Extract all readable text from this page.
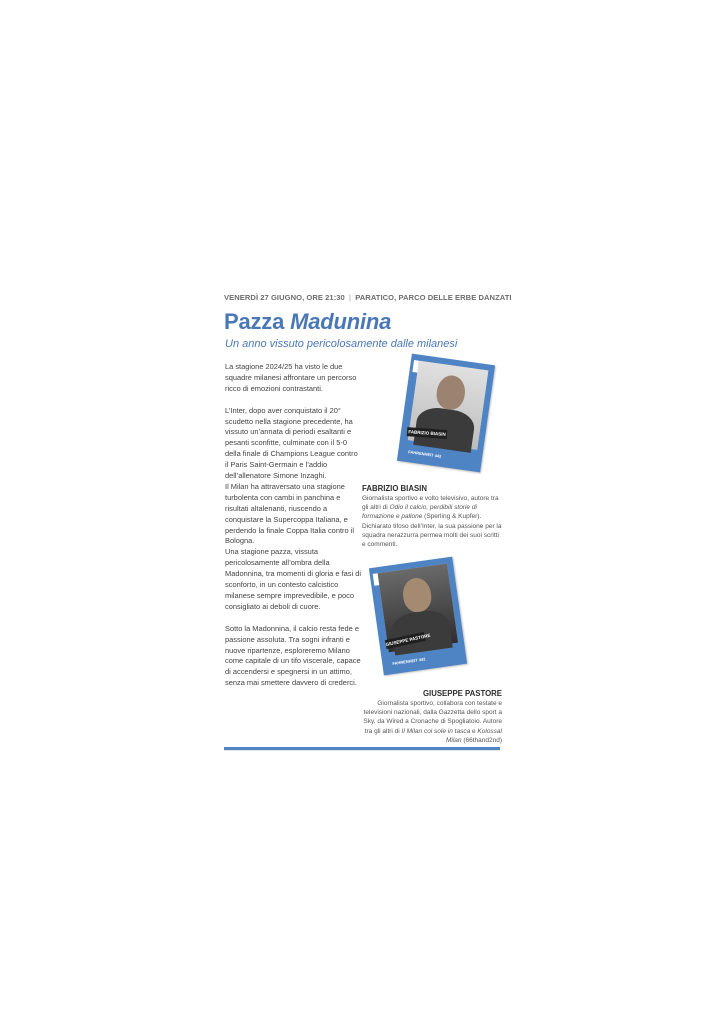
VENERDÌ 27 GIUGNO, ORE 21:30 | PARATICO, PARCO DELLE ERBE DANZATI
Pazza Madunina
Un anno vissuto pericolosamente dalle milanesi

La stagione 2024/25 ha visto le due squadre milanesi affrontare un percorso ricco di emozioni contrastanti.

L’Inter, dopo aver conquistato il 20° scudetto nella stagione precedente, ha vissuto un’annata di periodi esaltanti e pesanti sconfitte, culminate con il 5-0 della finale di Champions League contro il Paris Saint-Germain e l’addio dell’allenatore Simone Inzaghi.

Il Milan ha attraversato una stagione turbolenta con cambi in panchina e risultati altalenanti, riuscendo a conquistare la Supercoppa Italiana, e perdendo la finale Coppa Italia contro il Bologna.

Una stagione pazza, vissuta pericolosamente all’ombra della Madonnina, tra momenti di gloria e fasi di sconforto, in un contesto calcistico milanese sempre imprevedibile, e poco consigliato ai deboli di cuore.

Sotto la Madonnina, il calcio resta fede e passione assoluta. Tra sogni infranti e nuove ripartenze, esploreremo Milano come capitale di un tifo viscerale, capace di accendersi e spegnersi in un attimo, senza mai smettere davvero di crederci.

FABRIZIO BIASIN
FAHRENHEIT 442
FABRIZIO BIASIN
Giornalista sportivo e volto televisivo, autore tra gli altri di Odio il calcio, perdibili storie di formazione e pallone (Sperling & Kupfer). Dichiarato tifoso dell’Inter, la sua passione per la squadra nerazzurra permea molti dei suoi scritti e commenti.
GIUSEPPE PASTORE
FAHRENHEIT 442
GIUSEPPE PASTORE
Giornalista sportivo, collabora con testate e televisioni nazionali, dalla Gazzetta dello sport a Sky, da Wired a Cronache di Spogliatoio. Autore tra gli altri di Il Milan coi sole in tasca e Kolossal Milan (66thand2nd)
